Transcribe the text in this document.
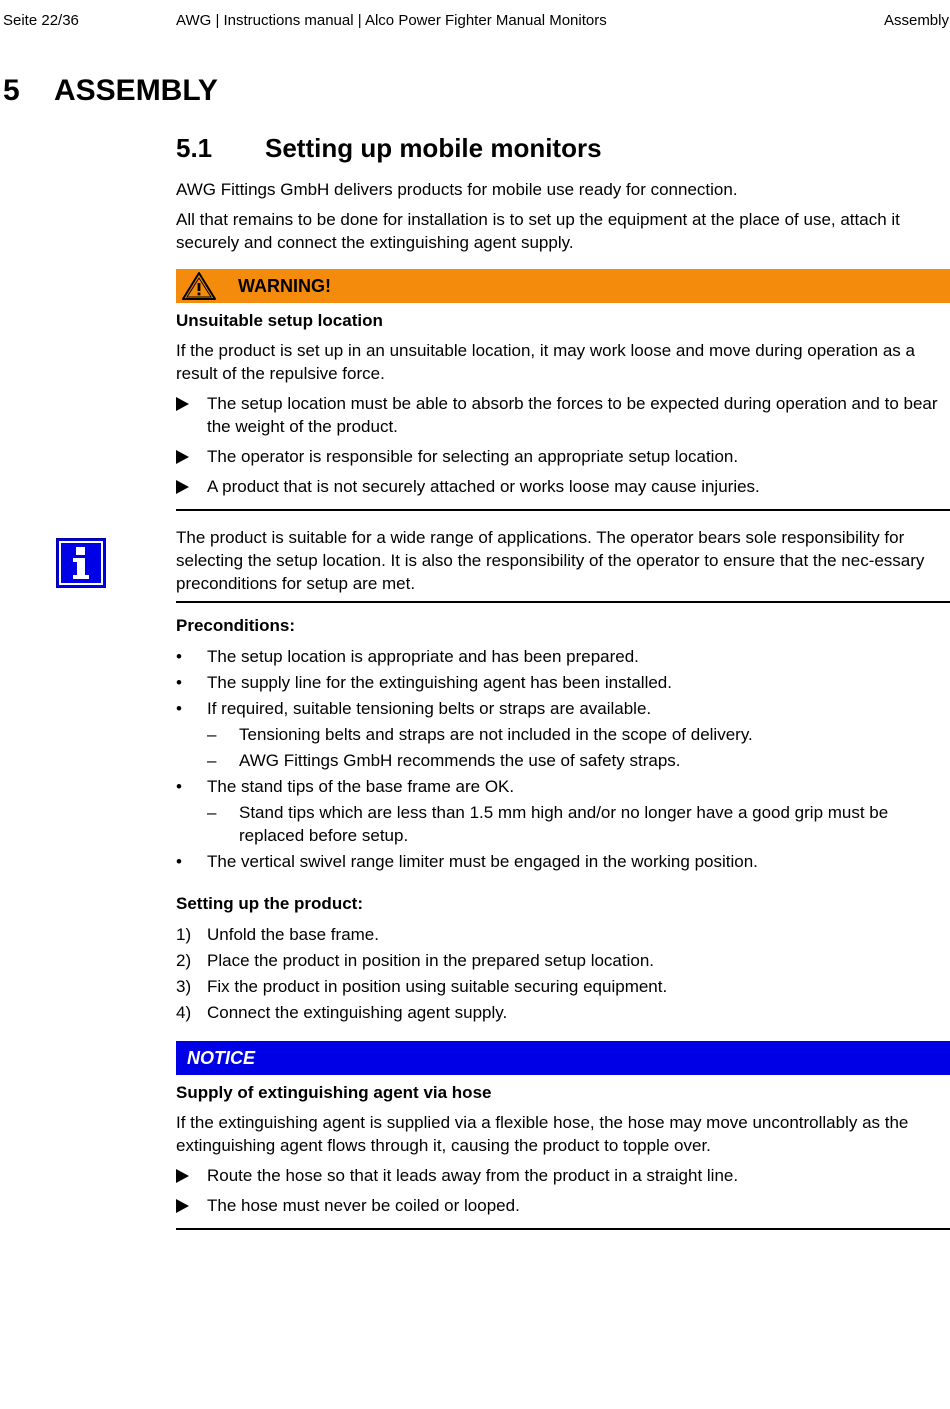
Seite 22/36	AWG | Instructions manual | Alco Power Fighter Manual Monitors	Assembly
5 ASSEMBLY
5.1 Setting up mobile monitors

AWG Fittings GmbH delivers products for mobile use ready for connection.

All that remains to be done for installation is to set up the equipment at the place of use, attach it securely and connect the extinguishing agent supply.

WARNING!
Unsuitable setup location

If the product is set up in an unsuitable location, it may work loose and move during operation as a result of the repulsive force.

The setup location must be able to absorb the forces to be expected during operation and to bear the weight of the product.
The operator is responsible for selecting an appropriate setup location.
A product that is not securely attached or works loose may cause injuries.
The product is suitable for a wide range of applications. The operator bears sole responsibility for selecting the setup location. It is also the responsibility of the operator to ensure that the nec-essary preconditions for setup are met.
Preconditions:
• The setup location is appropriate and has been prepared.
• The supply line for the extinguishing agent has been installed.
• If required, suitable tensioning belts or straps are available.
– Tensioning belts and straps are not included in the scope of delivery.
– AWG Fittings GmbH recommends the use of safety straps.
• The stand tips of the base frame are OK.
– Stand tips which are less than 1.5 mm high and/or no longer have a good grip must be replaced before setup.
• The vertical swivel range limiter must be engaged in the working position.
Setting up the product:
1) Unfold the base frame.
2) Place the product in position in the prepared setup location.
3) Fix the product in position using suitable securing equipment.
4) Connect the extinguishing agent supply.
NOTICE
Supply of extinguishing agent via hose

If the extinguishing agent is supplied via a flexible hose, the hose may move uncontrollably as the extinguishing agent flows through it, causing the product to topple over.

Route the hose so that it leads away from the product in a straight line.
The hose must never be coiled or looped.
